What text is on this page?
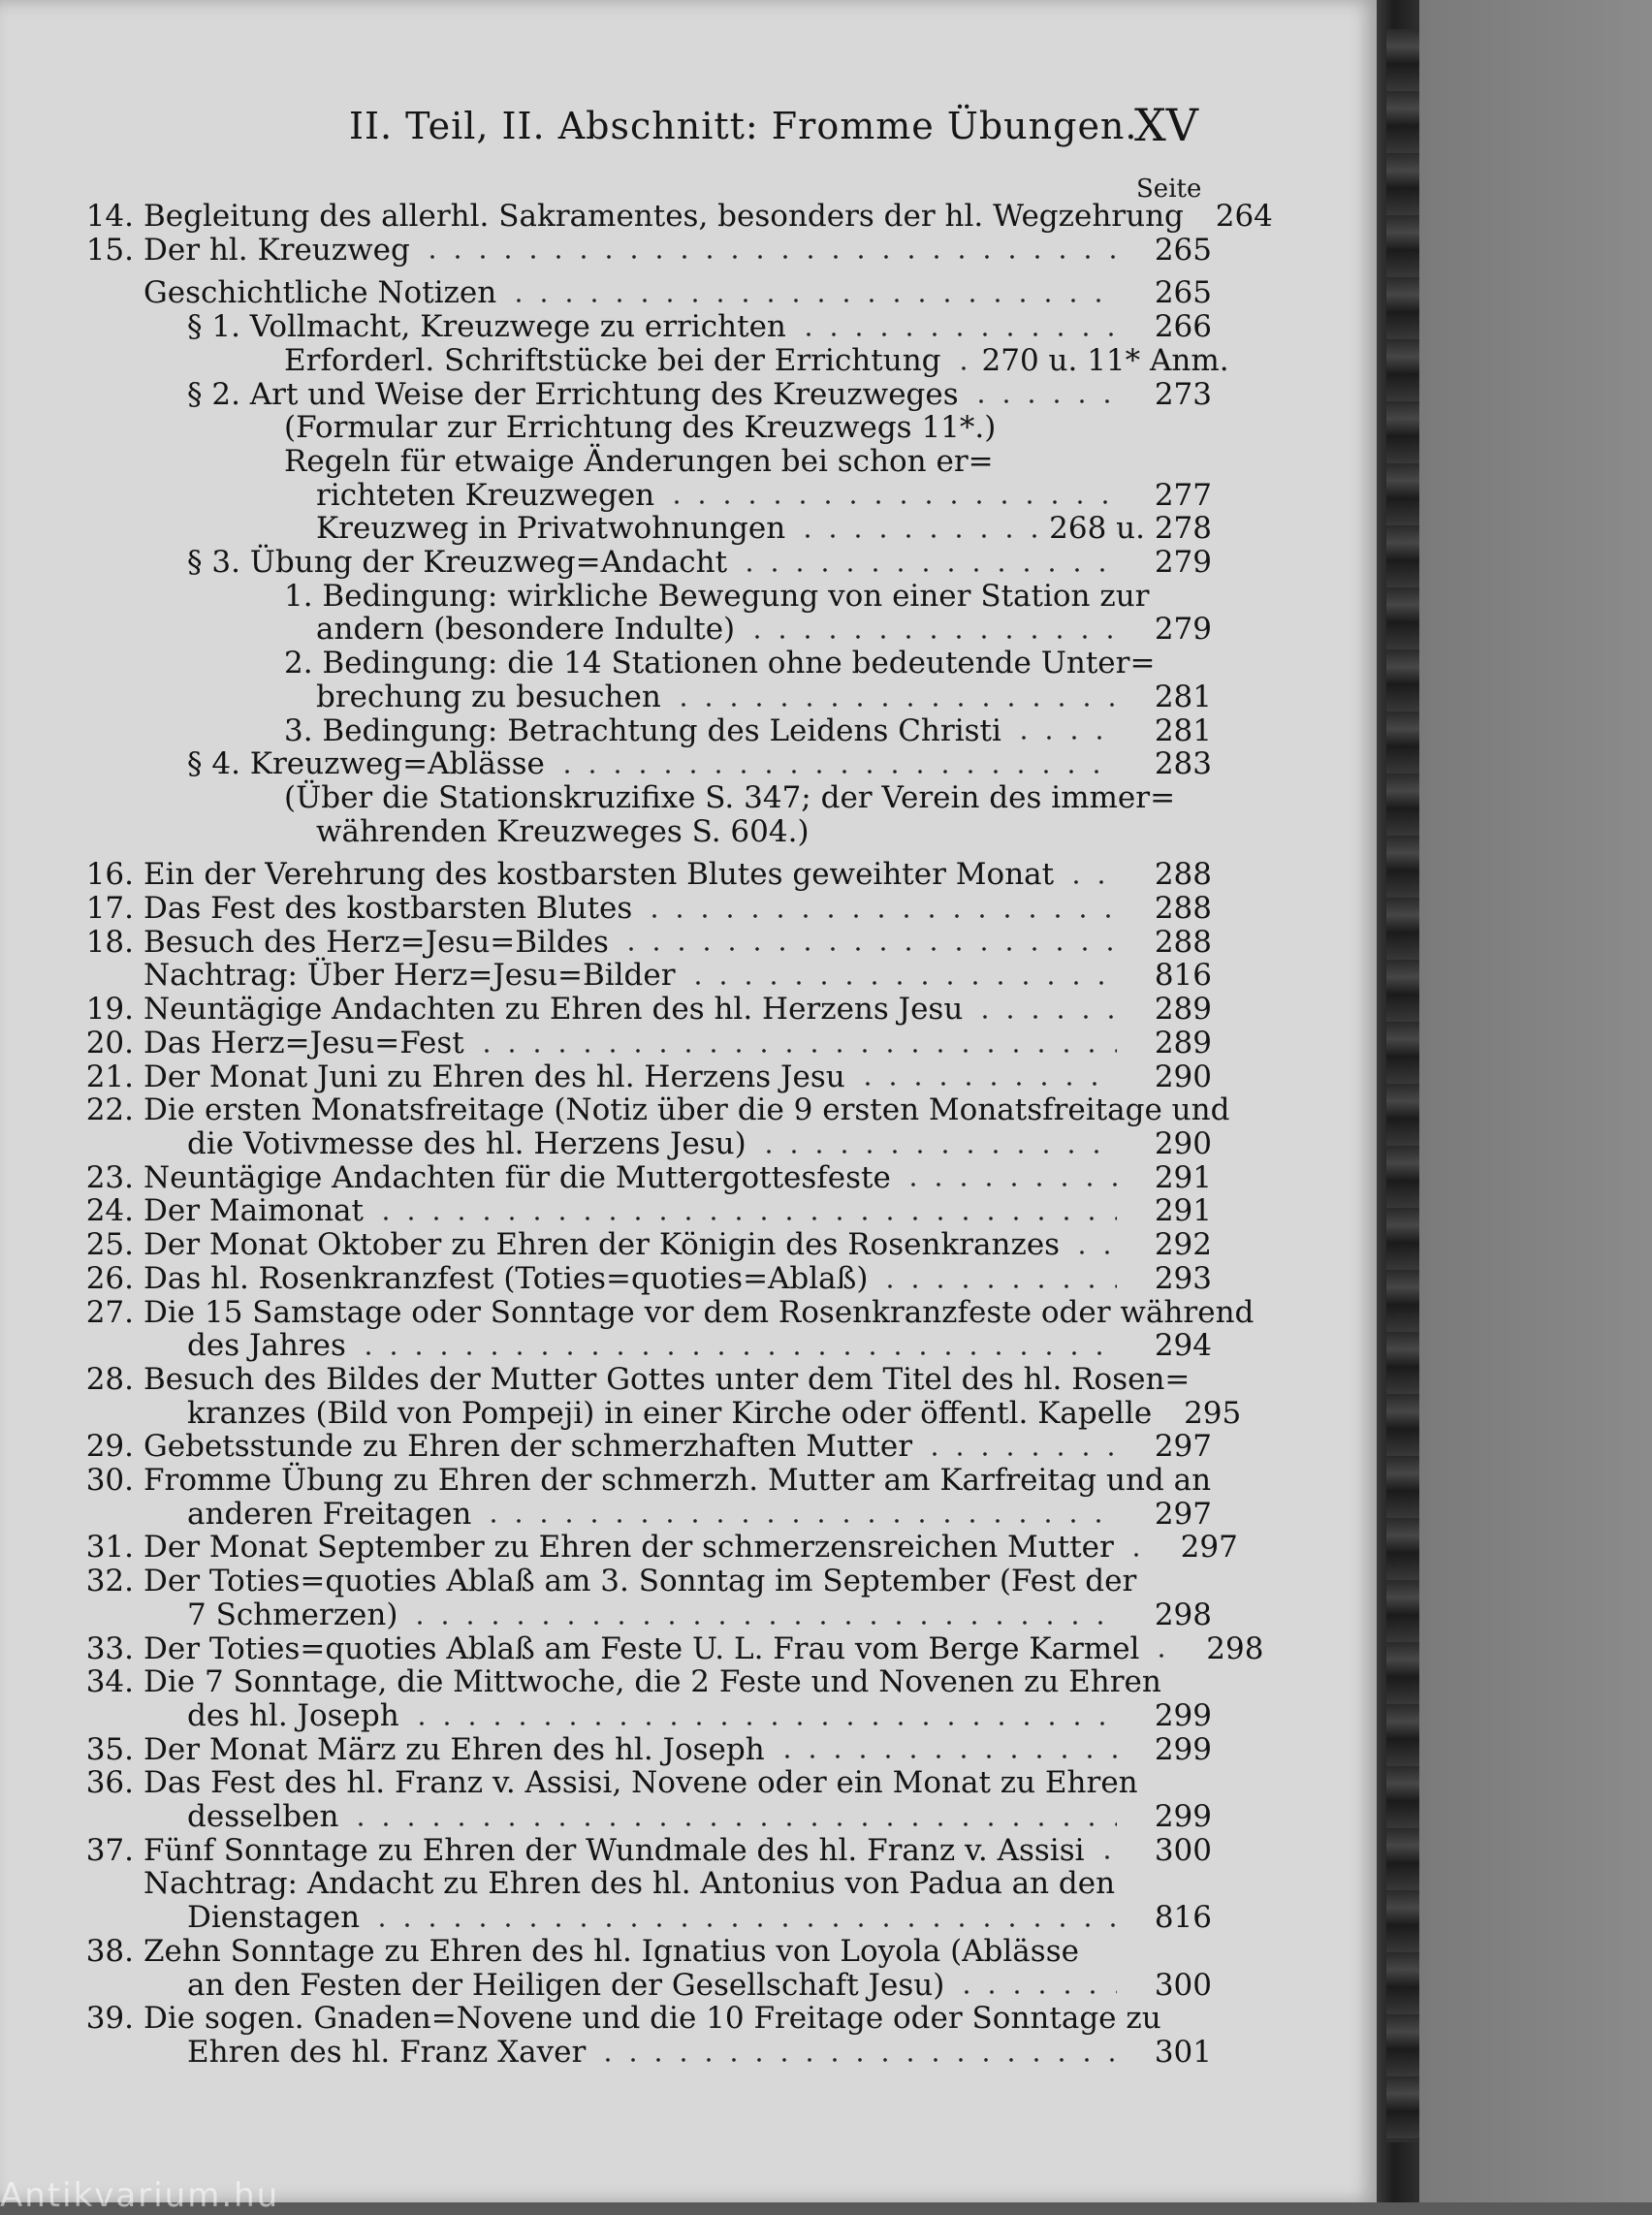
II. Teil, II. Abschnitt: Fromme Übungen.
XV
Seite
14. Begleitung des allerhl. Sakramentes, besonders der hl. Wegzehrung	264
15. Der hl. Kreuzweg	265
Geschichtliche Notizen	265
§ 1. Vollmacht, Kreuzwege zu errichten	266
Erforderl. Schriftstücke bei der Errichtung 270 u. 11* Anm.
§ 2. Art und Weise der Errichtung des Kreuzweges	273
(Formular zur Errichtung des Kreuzwegs 11*.)
Regeln für etwaige Änderungen bei schon er=
richteten Kreuzwegen	277
Kreuzweg in Privatwohnungen	268 u. 278
§ 3. Übung der Kreuzweg=Andacht	279
1. Bedingung: wirkliche Bewegung von einer Station zur
andern (besondere Indulte)	279
2. Bedingung: die 14 Stationen ohne bedeutende Unter=
brechung zu besuchen	281
3. Bedingung: Betrachtung des Leidens Christi	281
§ 4. Kreuzweg=Ablässe	283
(Über die Stationskruzifixe S. 347; der Verein des immer=
währenden Kreuzweges S. 604.)
16. Ein der Verehrung des kostbarsten Blutes geweihter Monat	288
17. Das Fest des kostbarsten Blutes	288
18. Besuch des Herz=Jesu=Bildes	288
Nachtrag: Über Herz=Jesu=Bilder	816
19. Neuntägige Andachten zu Ehren des hl. Herzens Jesu	289
20. Das Herz=Jesu=Fest	289
21. Der Monat Juni zu Ehren des hl. Herzens Jesu	290
22. Die ersten Monatsfreitage (Notiz über die 9 ersten Monatsfreitage und
die Votivmesse des hl. Herzens Jesu)	290
23. Neuntägige Andachten für die Muttergottesfeste	291
24. Der Maimonat	291
25. Der Monat Oktober zu Ehren der Königin des Rosenkranzes	292
26. Das hl. Rosenkranzfest (Toties=quoties=Ablaß)	293
27. Die 15 Samstage oder Sonntage vor dem Rosenkranzfeste oder während
des Jahres	294
28. Besuch des Bildes der Mutter Gottes unter dem Titel des hl. Rosen=
kranzes (Bild von Pompeji) in einer Kirche oder öffentl. Kapelle	295
29. Gebetsstunde zu Ehren der schmerzhaften Mutter	297
30. Fromme Übung zu Ehren der schmerzh. Mutter am Karfreitag und an
anderen Freitagen	297
31. Der Monat September zu Ehren der schmerzensreichen Mutter	297
32. Der Toties=quoties Ablaß am 3. Sonntag im September (Fest der
7 Schmerzen)	298
33. Der Toties=quoties Ablaß am Feste U. L. Frau vom Berge Karmel	298
34. Die 7 Sonntage, die Mittwoche, die 2 Feste und Novenen zu Ehren
des hl. Joseph	299
35. Der Monat März zu Ehren des hl. Joseph	299
36. Das Fest des hl. Franz v. Assisi, Novene oder ein Monat zu Ehren
desselben	299
37. Fünf Sonntage zu Ehren der Wundmale des hl. Franz v. Assisi	300
Nachtrag: Andacht zu Ehren des hl. Antonius von Padua an den
Dienstagen	816
38. Zehn Sonntage zu Ehren des hl. Ignatius von Loyola (Ablässe
an den Festen der Heiligen der Gesellschaft Jesu)	300
39. Die sogen. Gnaden=Novene und die 10 Freitage oder Sonntage zu
Ehren des hl. Franz Xaver	301
Antikvarium.hu
